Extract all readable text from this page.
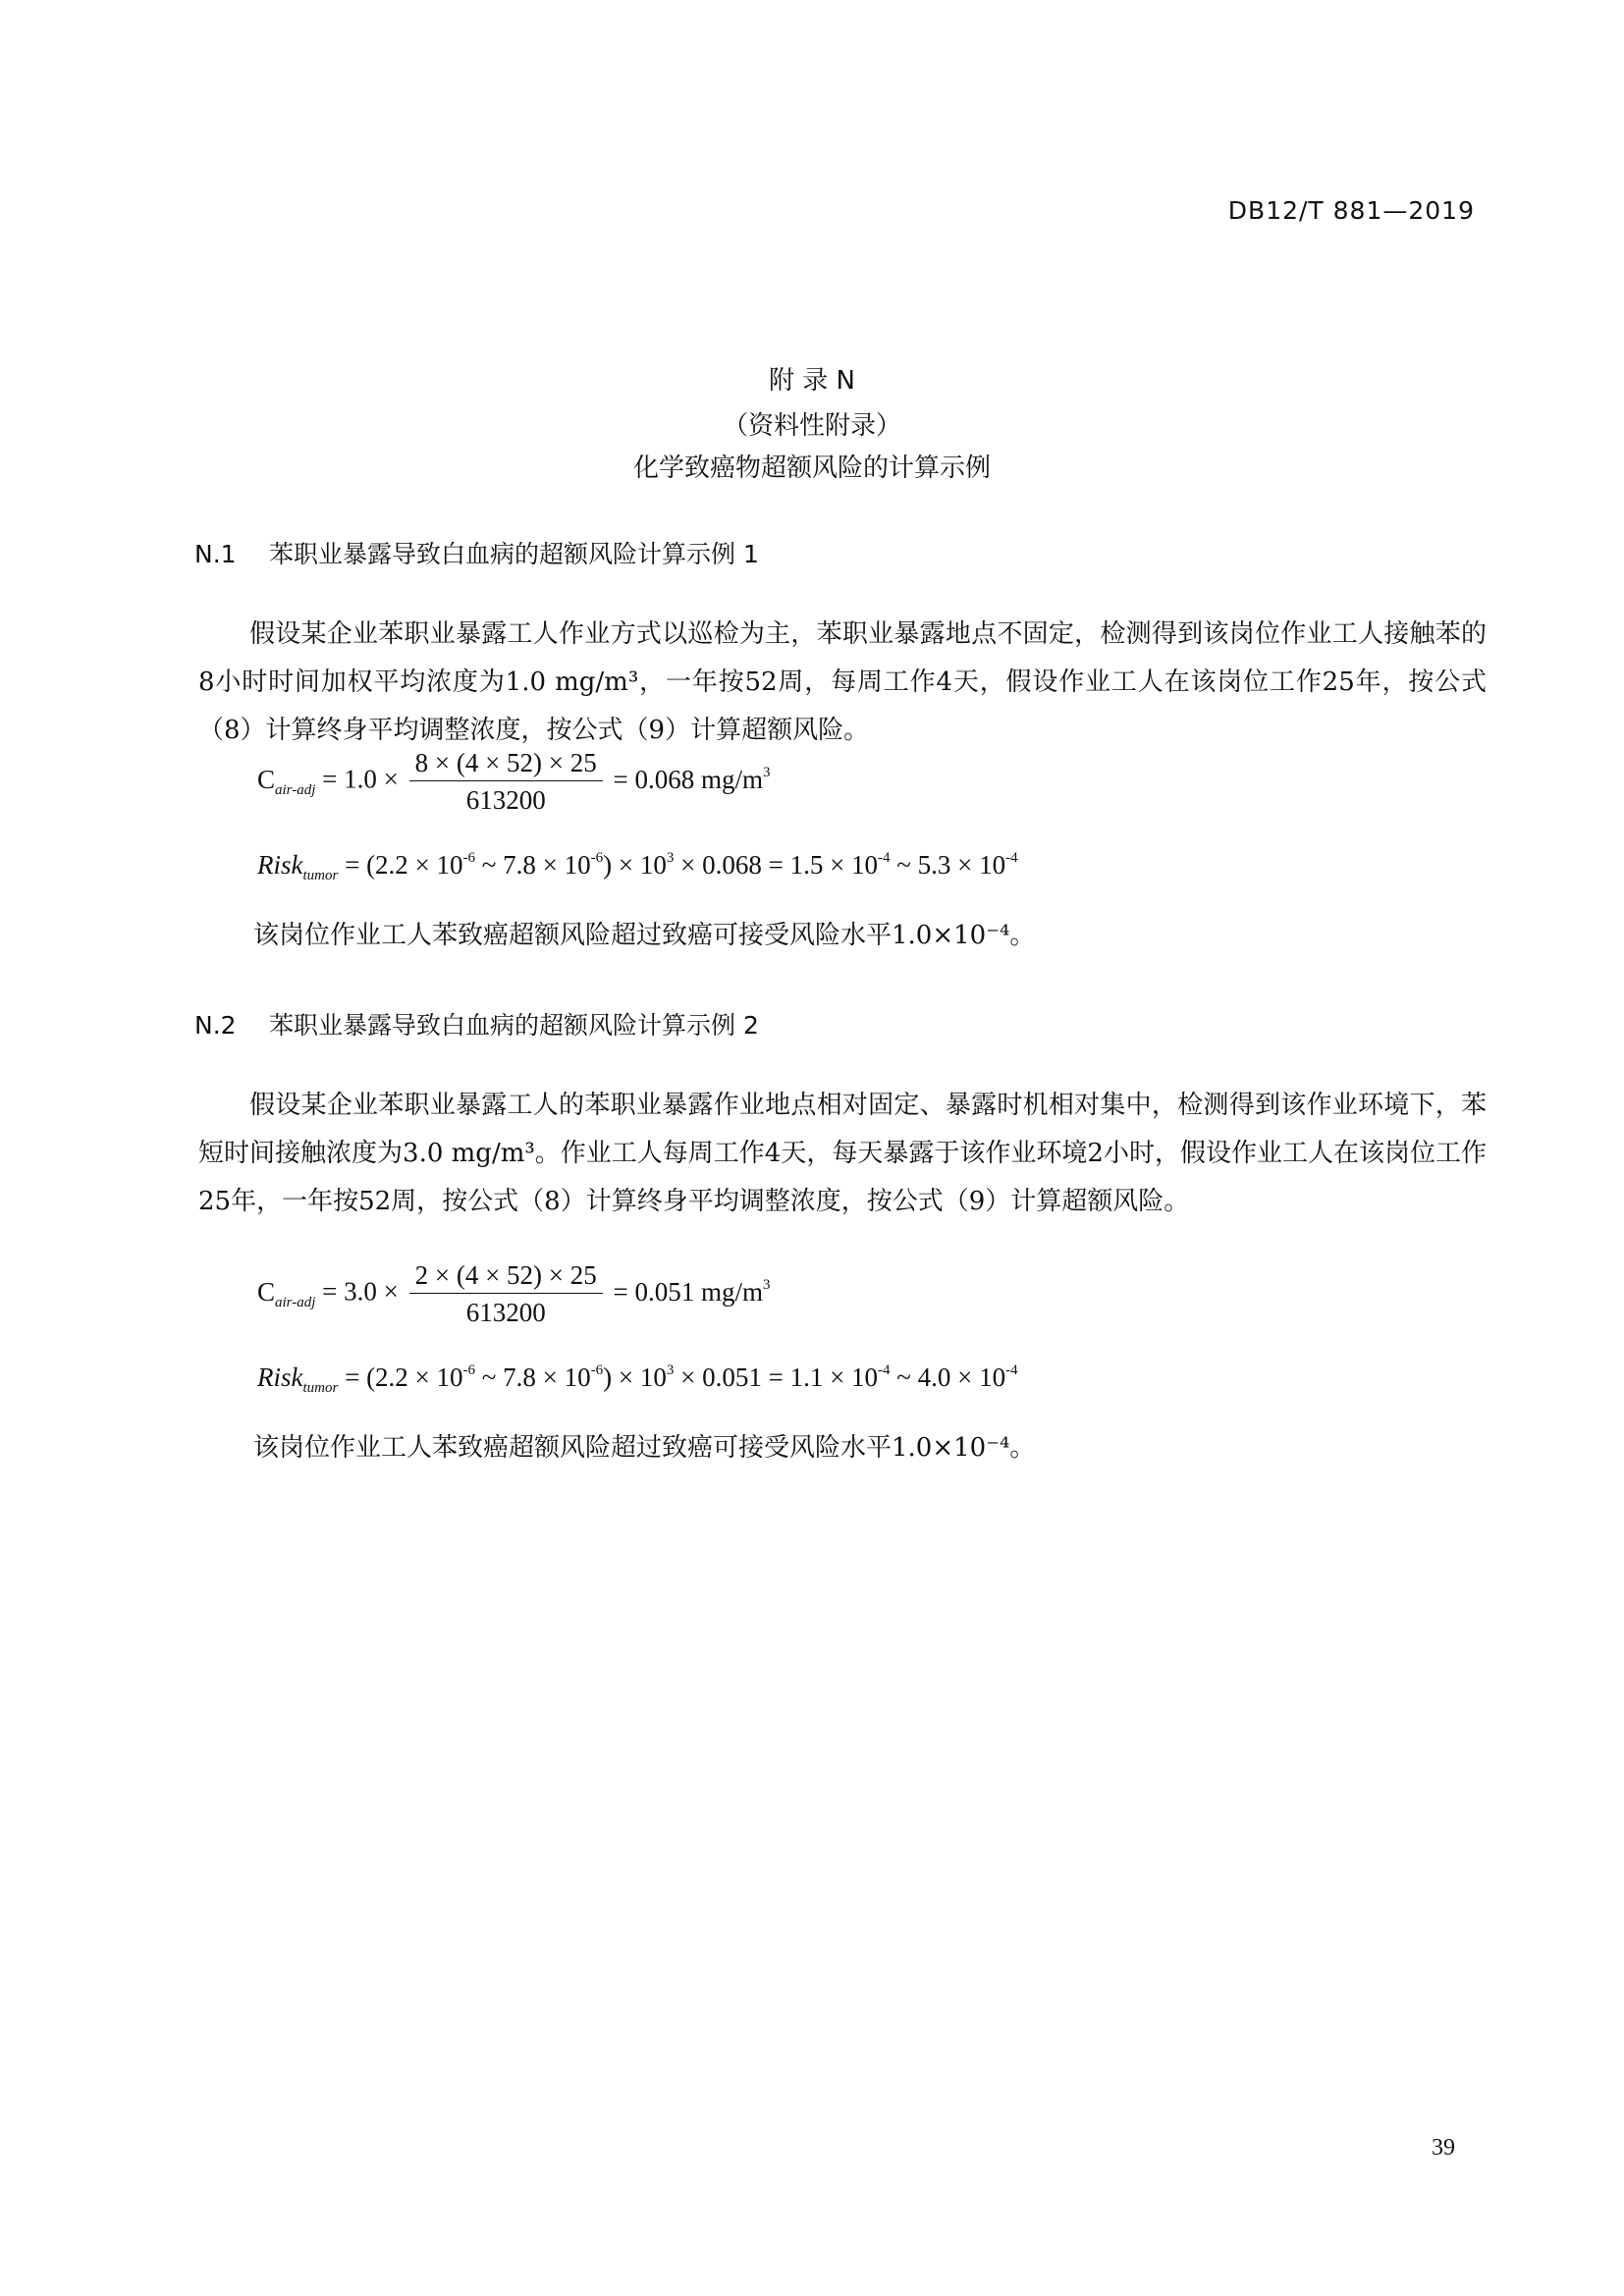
DB12/T 881—2019
附 录 N
（资料性附录）
化学致癌物超额风险的计算示例
N.1 苯职业暴露导致白血病的超额风险计算示例 1
假设某企业苯职业暴露工人作业方式以巡检为主，苯职业暴露地点不固定，检测得到该岗位作业工人接触苯的8小时时间加权平均浓度为1.0 mg/m³，一年按52周，每周工作4天，假设作业工人在该岗位工作25年，按公式（8）计算终身平均调整浓度，按公式（9）计算超额风险。
$C_{air-adj} = 1.0 \times \frac{8 \times (4 \times 52) \times 25}{613200} = 0.068$ $mg/m^3$
Risk$_{tumor}$ = ($2.2 \times 10^{-6}$ ~ $7.8 \times 10^{-6}) \times 10^3 \times 0.068 = 1.5 \times 10^{-4}$ ~ $5.3 \times 10^{-4}$
该岗位作业工人苯致癌超额风险超过致癌可接受风险水平1.0×10⁻⁴。
N.2 苯职业暴露导致白血病的超额风险计算示例 2
假设某企业苯职业暴露工人的苯职业暴露作业地点相对固定、暴露时机相对集中，检测得到该作业环境下，苯短时间接触浓度为3.0 mg/m³。作业工人每周工作4天，每天暴露于该作业环境2小时，假设作业工人在该岗位工作25年，一年按52周，按公式（8）计算终身平均调整浓度，按公式（9）计算超额风险。
$C_{air-adj} = 3.0 \times \frac{2 \times (4 \times 52) \times 25}{613200} = 0.051$ $mg/m^3$
Risk$_{tumor}$ = ($2.2 \times 10^{-6}$ ~ $7.8 \times 10^{-6}) \times 10^3 \times 0.051 = 1.1 \times 10^{-4}$ ~ $4.0 \times 10^{-4}$
该岗位作业工人苯致癌超额风险超过致癌可接受风险水平1.0×10⁻⁴。
39
